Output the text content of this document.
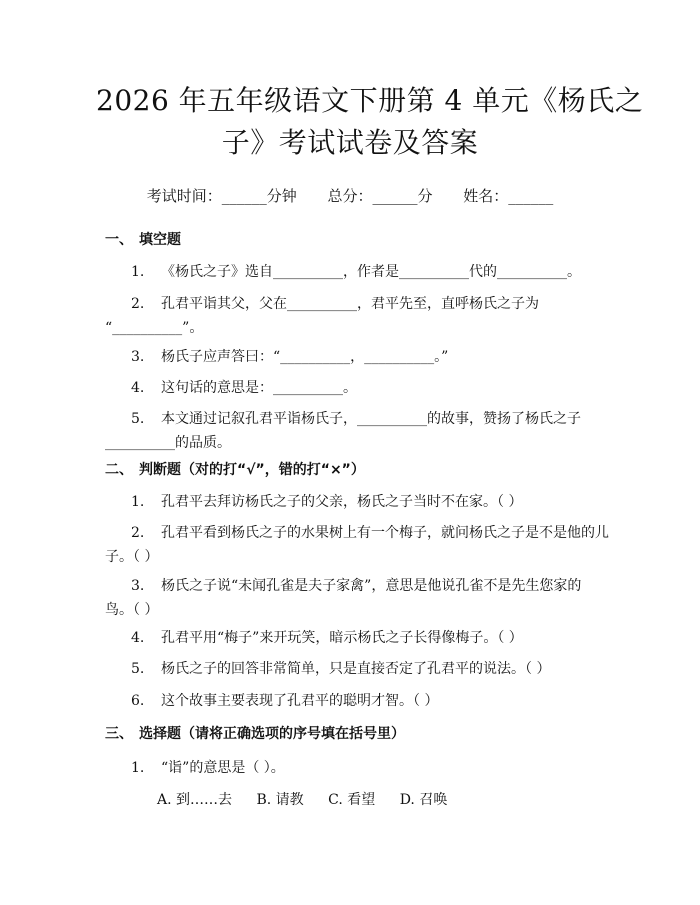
2026 年五年级语文下册第 4 单元《杨氏之
子》考试试卷及答案
考试时间：______分钟 总分：______分 姓名：______
一、 填空题
1. 《杨氏之子》选自__________，作者是__________代的__________。
2. 孔君平诣其父，父在__________，君平先至，直呼杨氏之子为
“__________”。
3. 杨氏子应声答曰：“__________，__________。”
4. 这句话的意思是：__________。
5. 本文通过记叙孔君平诣杨氏子，__________的故事，赞扬了杨氏之子
__________的品质。
二、 判断题（对的打“√”，错的打“×”）
1. 孔君平去拜访杨氏之子的父亲，杨氏之子当时不在家。（ ）
2. 孔君平看到杨氏之子的水果树上有一个梅子，就问杨氏之子是不是他的儿
子。（ ）
3. 杨氏之子说“未闻孔雀是夫子家禽”，意思是他说孔雀不是先生您家的
鸟。（ ）
4. 孔君平用“梅子”来开玩笑，暗示杨氏之子长得像梅子。（ ）
5. 杨氏之子的回答非常简单，只是直接否定了孔君平的说法。（ ）
6. 这个故事主要表现了孔君平的聪明才智。（ ）
三、 选择题（请将正确选项的序号填在括号里）
1. “诣”的意思是（ ）。
A. 到……去 B. 请教 C. 看望 D. 召唤
